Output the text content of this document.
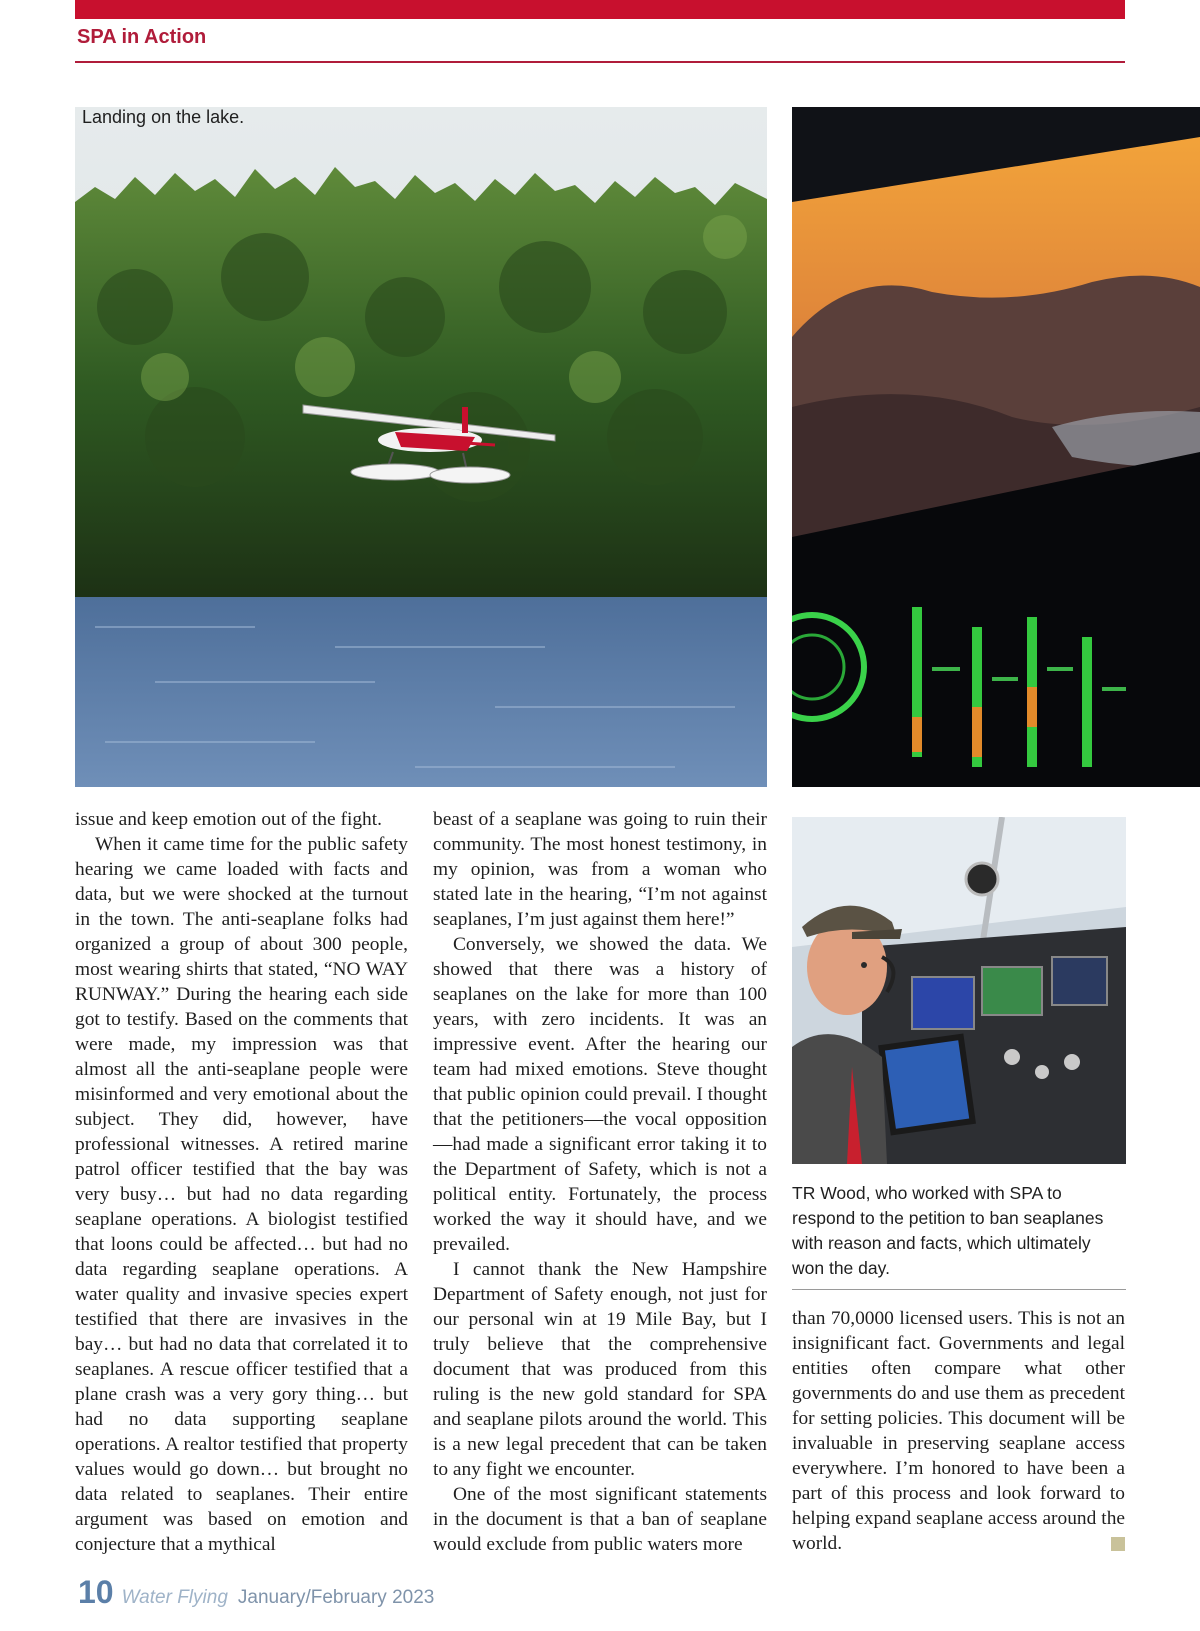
SPA in Action
Landing on the lake.
TR Wood, who worked with SPA to respond to the petition to ban seaplanes with reason and facts, which ultimately won the day.

issue and keep emotion out of the fight.

When it came time for the public safety hearing we came loaded with facts and data, but we were shocked at the turnout in the town. The anti-seaplane folks had organized a group of about 300 people, most wearing shirts that stated, “NO WAY RUNWAY.” During the hearing each side got to testify. Based on the comments that were made, my impression was that almost all the anti-seaplane people were misinformed and very emotional about the subject. They did, however, have professional witnesses. A retired marine patrol officer testified that the bay was very busy… but had no data regarding seaplane operations. A biologist testified that loons could be affected… but had no data regarding seaplane operations. A water quality and invasive species expert testified that there are invasives in the bay… but had no data that correlated it to seaplanes. A rescue officer testified that a plane crash was a very gory thing… but had no data supporting seaplane operations. A realtor testified that property values would go down… but brought no data related to seaplanes. Their entire argument was based on emotion and conjecture that a mythical

beast of a seaplane was going to ruin their community. The most honest testimony, in my opinion, was from a woman who stated late in the hearing, “I’m not against seaplanes, I’m just against them here!”

Conversely, we showed the data. We showed that there was a history of seaplanes on the lake for more than 100 years, with zero incidents. It was an impressive event. After the hearing our team had mixed emotions. Steve thought that public opinion could prevail. I thought that the petitioners—the vocal opposition—had made a significant error taking it to the Department of Safety, which is not a political entity. Fortunately, the process worked the way it should have, and we prevailed.

I cannot thank the New Hampshire Department of Safety enough, not just for our personal win at 19 Mile Bay, but I truly believe that the comprehensive document that was produced from this ruling is the new gold standard for SPA and seaplane pilots around the world. This is a new legal precedent that can be taken to any fight we encounter.

One of the most significant statements in the document is that a ban of seaplane would exclude from public waters more

than 70,0000 licensed users. This is not an insignificant fact. Governments and legal entities often compare what other governments do and use them as precedent for setting policies. This document will be invaluable in preserving seaplane access everywhere. I’m honored to have been a part of this process and look forward to helping expand seaplane access around the world.

10 Water Flying January/February 2023
